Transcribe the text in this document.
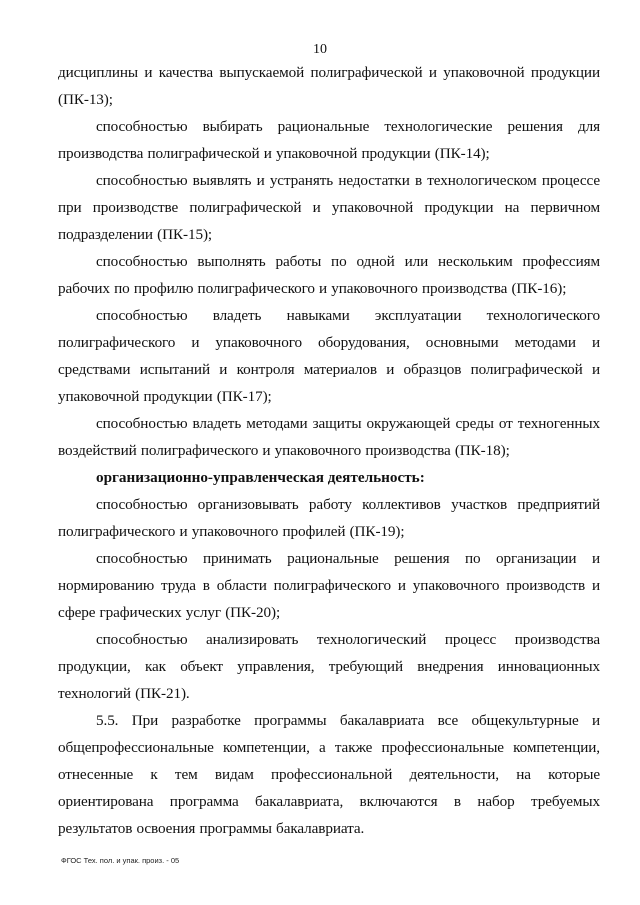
10

дисциплины и качества выпускаемой полиграфической и упаковочной продукции (ПК-13);

способностью выбирать рациональные технологические решения для производства полиграфической и упаковочной продукции (ПК-14);

способностью выявлять и устранять недостатки в технологическом процессе при производстве полиграфической и упаковочной продукции на первичном подразделении (ПК-15);

способностью выполнять работы по одной или нескольким профессиям рабочих по профилю полиграфического и упаковочного производства (ПК-16);

способностью владеть навыками эксплуатации технологического полиграфического и упаковочного оборудования, основными методами и средствами испытаний и контроля материалов и образцов полиграфической и упаковочной продукции (ПК-17);

способностью владеть методами защиты окружающей среды от техногенных воздействий полиграфического и упаковочного производства (ПК-18);

организационно-управленческая деятельность:

способностью организовывать работу коллективов участков предприятий полиграфического и упаковочного профилей (ПК-19);

способностью принимать рациональные решения по организации и нормированию труда в области полиграфического и упаковочного производств и сфере графических услуг (ПК-20);

способностью анализировать технологический процесс производства продукции, как объект управления, требующий внедрения инновационных технологий (ПК-21).

5.5. При разработке программы бакалавриата все общекультурные и общепрофессиональные компетенции, а также профессиональные компетенции, отнесенные к тем видам профессиональной деятельности, на которые ориентирована программа бакалавриата, включаются в набор требуемых результатов освоения программы бакалавриата.

ФГОС Тех. пол. и упак. произ. - 05
